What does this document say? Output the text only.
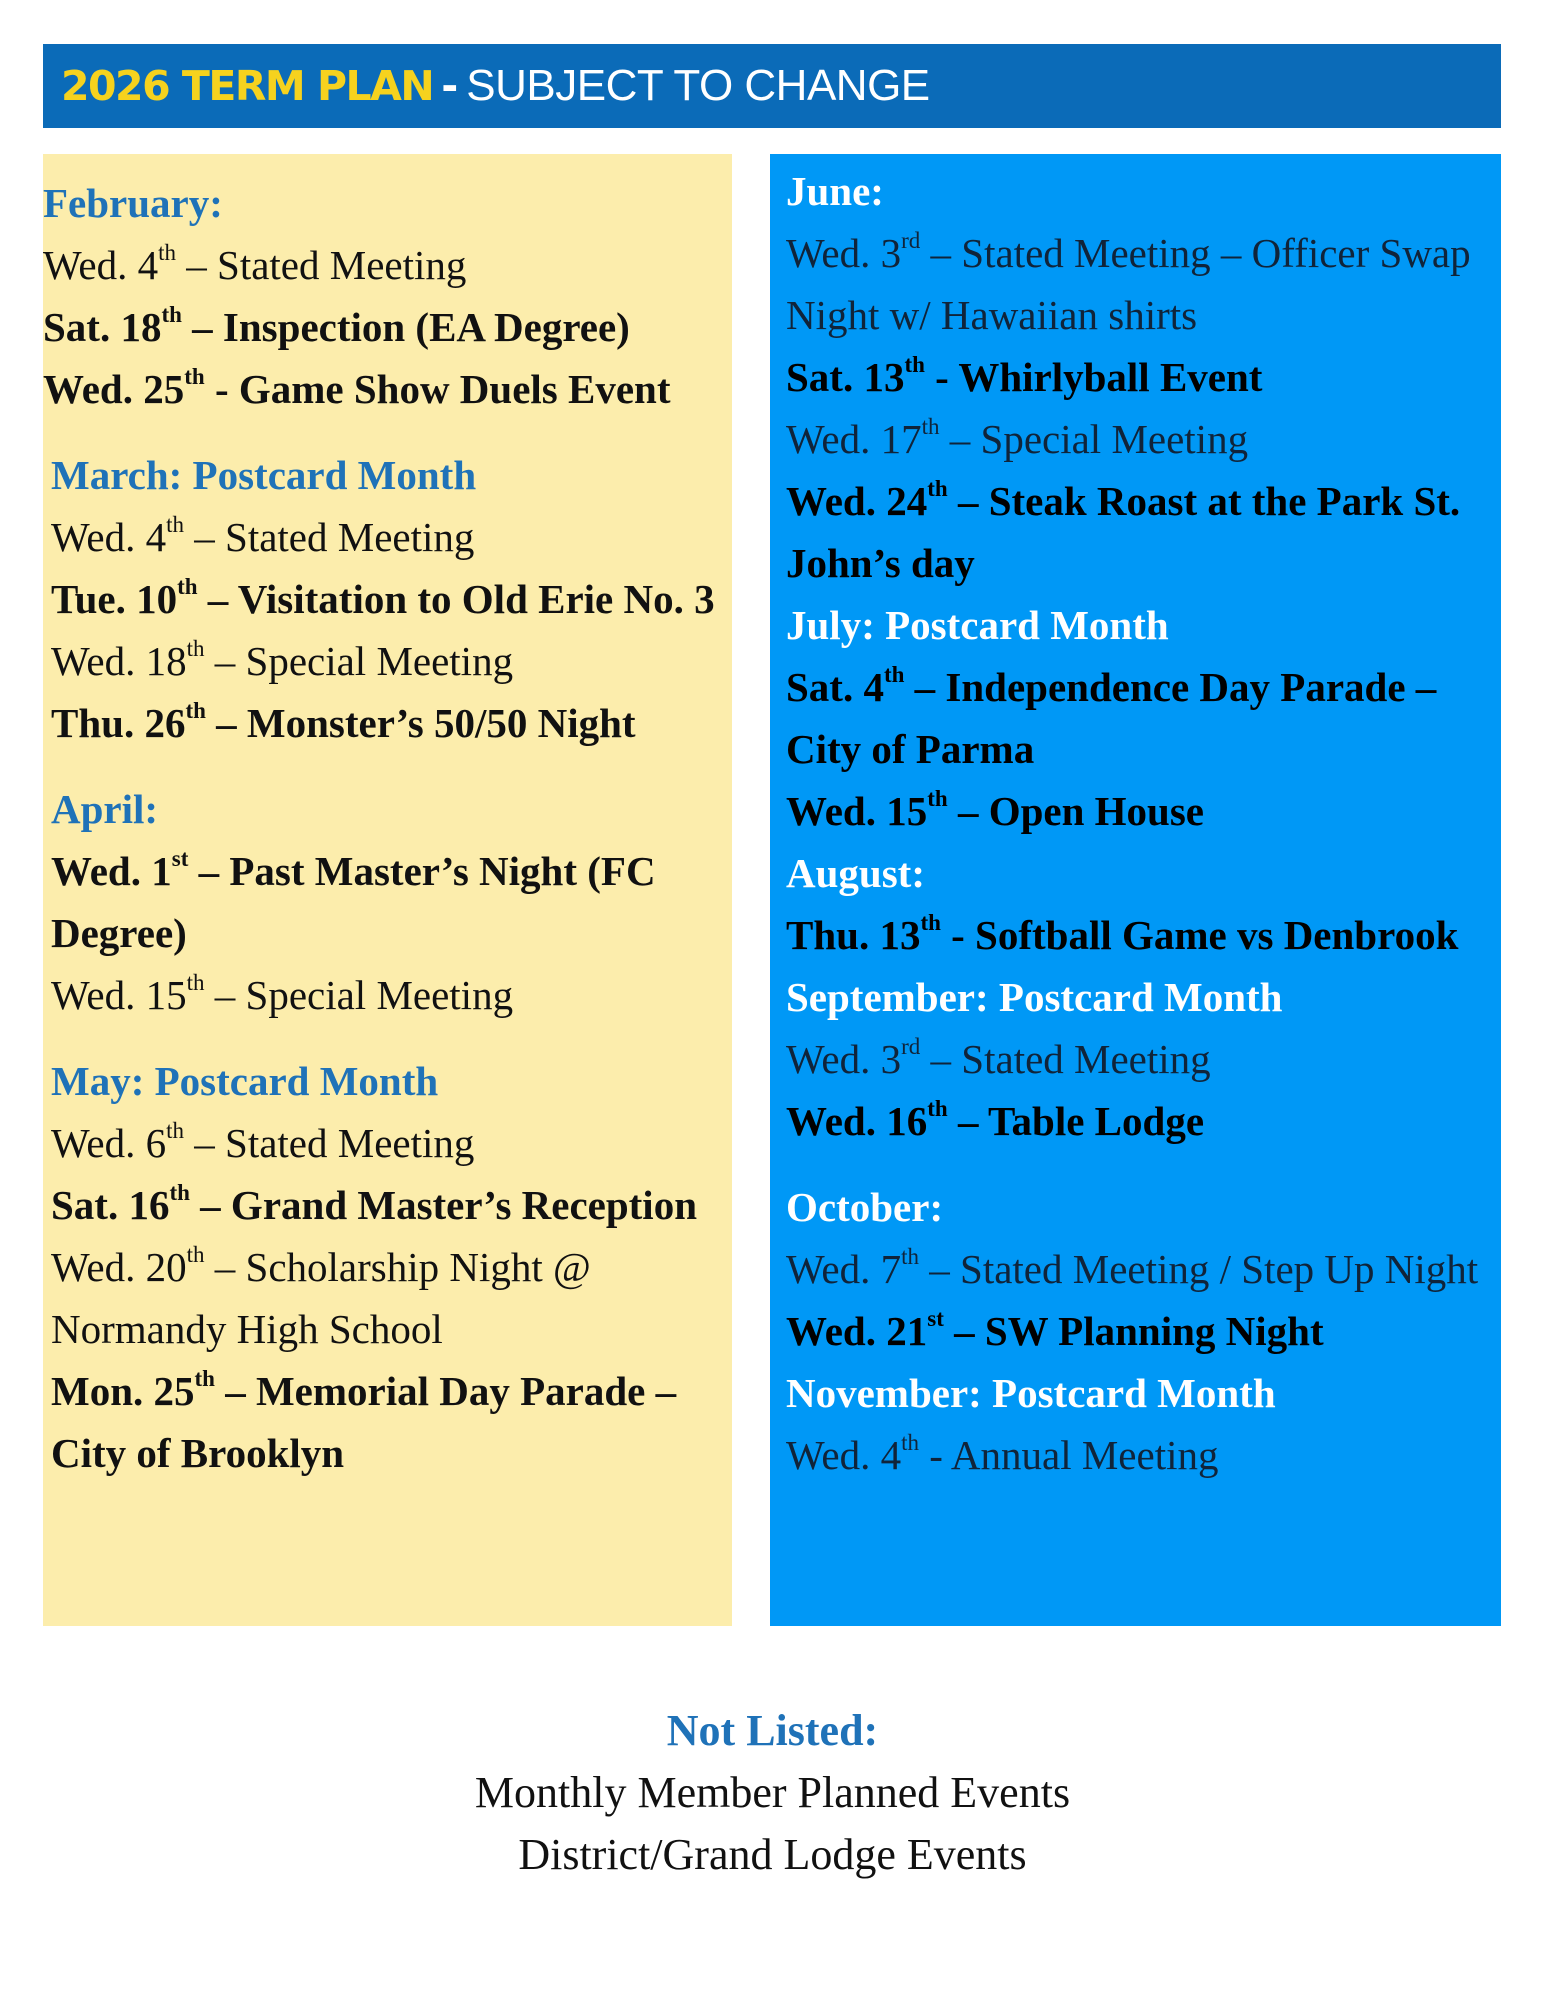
2026 TERM PLAN - SUBJECT TO CHANGE
February:
Wed. 4th – Stated Meeting
Sat. 18th – Inspection (EA Degree)
Wed. 25th - Game Show Duels Event
March: Postcard Month
Wed. 4th – Stated Meeting
Tue. 10th – Visitation to Old Erie No. 3
Wed. 18th – Special Meeting
Thu. 26th – Monster’s 50/50 Night
April:
Wed. 1st – Past Master’s Night (FC Degree)
Wed. 15th – Special Meeting
May: Postcard Month
Wed. 6th – Stated Meeting
Sat. 16th – Grand Master’s Reception
Wed. 20th – Scholarship Night @ Normandy High School
Mon. 25th – Memorial Day Parade – City of Brooklyn
June:
Wed. 3rd – Stated Meeting – Officer Swap Night w/ Hawaiian shirts
Sat. 13th - Whirlyball Event
Wed. 17th – Special Meeting
Wed. 24th – Steak Roast at the Park St. John’s day
July: Postcard Month
Sat. 4th – Independence Day Parade – City of Parma
Wed. 15th – Open House
August:
Thu. 13th - Softball Game vs Denbrook
September: Postcard Month
Wed. 3rd – Stated Meeting
Wed. 16th – Table Lodge
October:
Wed. 7th – Stated Meeting / Step Up Night
Wed. 21st – SW Planning Night
November: Postcard Month
Wed. 4th - Annual Meeting
Not Listed:
Monthly Member Planned Events
District/Grand Lodge Events
